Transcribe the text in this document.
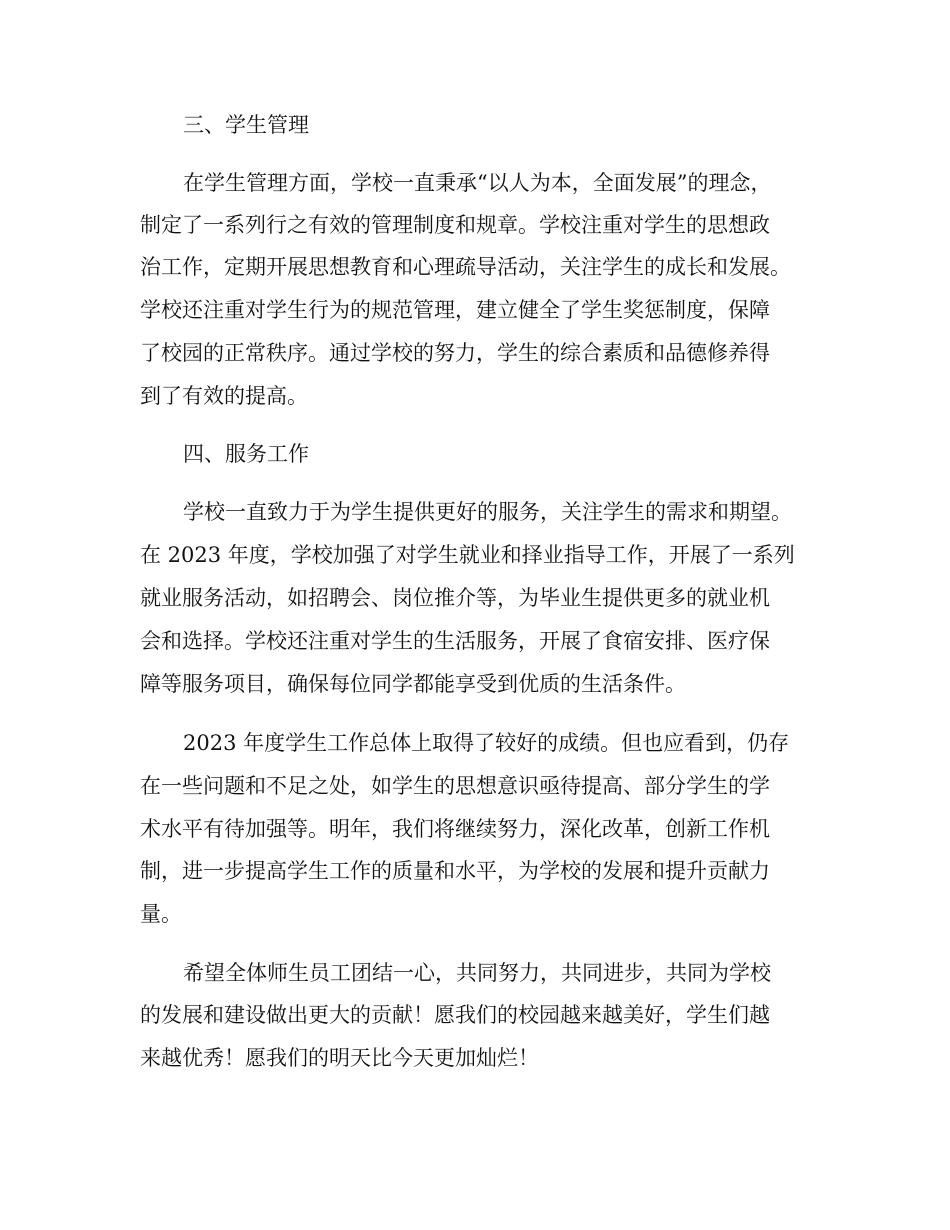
三、学生管理
在学生管理方面，学校一直秉承“以人为本，全面发展”的理念，
制定了一系列行之有效的管理制度和规章。学校注重对学生的思想政
治工作，定期开展思想教育和心理疏导活动，关注学生的成长和发展。
学校还注重对学生行为的规范管理，建立健全了学生奖惩制度，保障
了校园的正常秩序。通过学校的努力，学生的综合素质和品德修养得
到了有效的提高。
四、服务工作
学校一直致力于为学生提供更好的服务，关注学生的需求和期望。
在 2023 年度，学校加强了对学生就业和择业指导工作，开展了一系列
就业服务活动，如招聘会、岗位推介等，为毕业生提供更多的就业机
会和选择。学校还注重对学生的生活服务，开展了食宿安排、医疗保
障等服务项目，确保每位同学都能享受到优质的生活条件。
2023 年度学生工作总体上取得了较好的成绩。但也应看到，仍存
在一些问题和不足之处，如学生的思想意识亟待提高、部分学生的学
术水平有待加强等。明年，我们将继续努力，深化改革，创新工作机
制，进一步提高学生工作的质量和水平，为学校的发展和提升贡献力
量。
希望全体师生员工团结一心，共同努力，共同进步，共同为学校
的发展和建设做出更大的贡献！愿我们的校园越来越美好，学生们越
来越优秀！愿我们的明天比今天更加灿烂！
